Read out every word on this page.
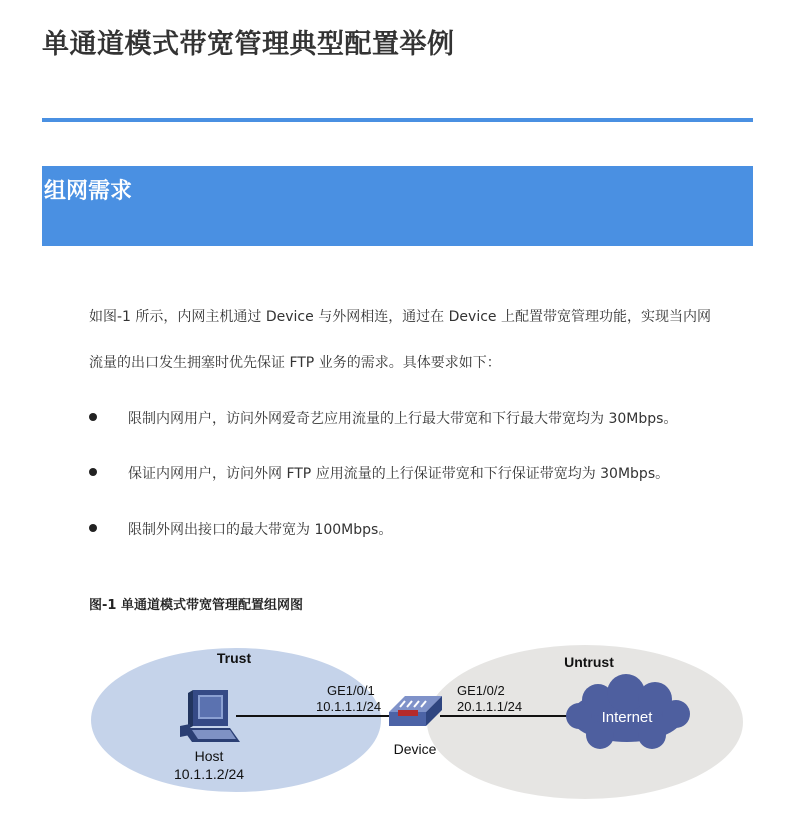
单通道模式带宽管理典型配置举例
组网需求

如图-1 所示，内网主机通过 Device 与外网相连，通过在 Device 上配置带宽管理功能，实现当内网

流量的出口发生拥塞时优先保证 FTP 业务的需求。具体要求如下：

限制内网用户，访问外网爱奇艺应用流量的上行最大带宽和下行最大带宽均为 30Mbps。
保证内网用户，访问外网 FTP 应用流量的上行保证带宽和下行保证带宽均为 30Mbps。
限制外网出接口的最大带宽为 100Mbps。

图-1 单通道模式带宽管理配置组网图

Trust	Untrust
GE1/0/1
10.1.1.1/24
GE1/0/2
20.1.1.1/24
Device
Host
10.1.1.2/24
Internet
